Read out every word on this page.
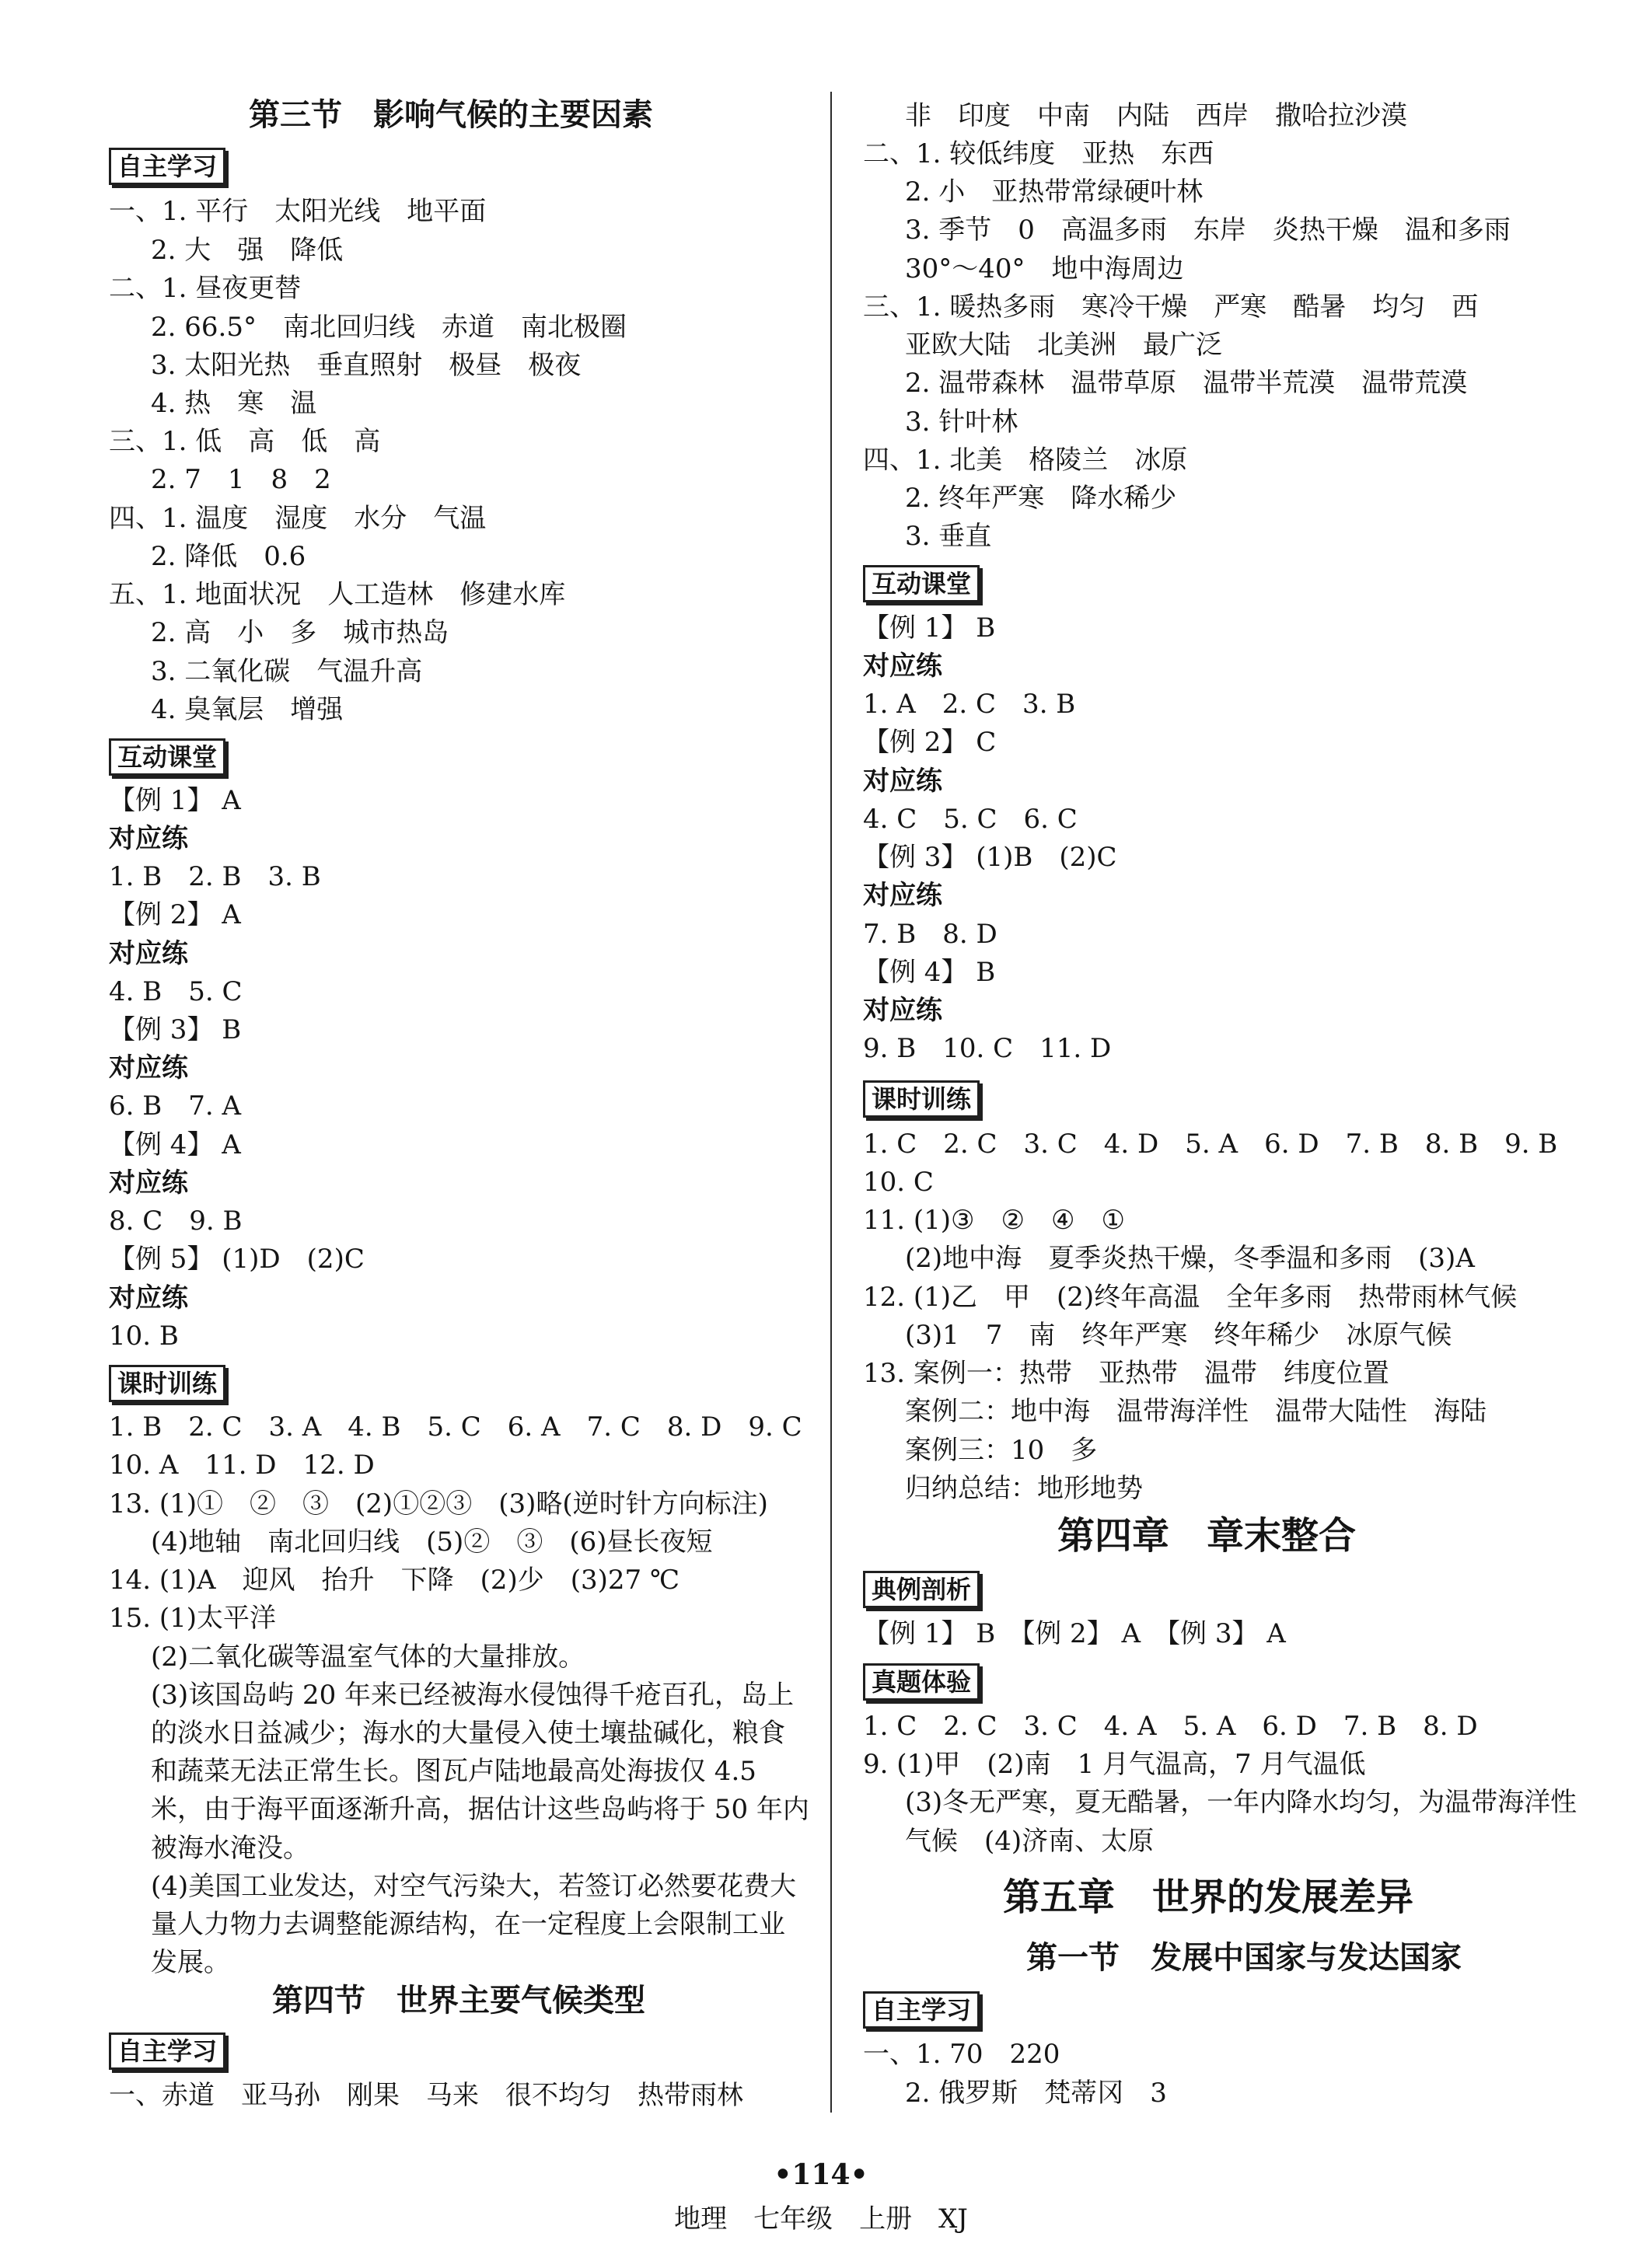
第三节　影响气候的主要因素
自主学习
一、1. 平行　太阳光线　地平面
2. 大　强　降低
二、1. 昼夜更替
2. 66.5°　南北回归线　赤道　南北极圈
3. 太阳光热　垂直照射　极昼　极夜
4. 热　寒　温
三、1. 低　高　低　高
2. 7　1　8　2
四、1. 温度　湿度　水分　气温
2. 降低　0.6
五、1. 地面状况　人工造林　修建水库
2. 高　小　多　城市热岛
3. 二氧化碳　气温升高
4. 臭氧层　增强
互动课堂
【例 1】 A
对应练
1. B　2. B　3. B
【例 2】 A
对应练
4. B　5. C
【例 3】 B
对应练
6. B　7. A
【例 4】 A
对应练
8. C　9. B
【例 5】 (1)D　(2)C
对应练
10. B
课时训练
1. B　2. C　3. A　4. B　5. C　6. A　7. C　8. D　9. C
10. A　11. D　12. D
13. (1)①　②　③　(2)①②③　(3)略(逆时针方向标注)
(4)地轴　南北回归线　(5)②　③　(6)昼长夜短
14. (1)A　迎风　抬升　下降　(2)少　(3)27 ℃
15. (1)太平洋
(2)二氧化碳等温室气体的大量排放。
(3)该国岛屿 20 年来已经被海水侵蚀得千疮百孔，岛上
的淡水日益减少；海水的大量侵入使土壤盐碱化，粮食
和蔬菜无法正常生长。图瓦卢陆地最高处海拔仅 4.5
米，由于海平面逐渐升高，据估计这些岛屿将于 50 年内
被海水淹没。
(4)美国工业发达，对空气污染大，若签订必然要花费大
量人力物力去调整能源结构，在一定程度上会限制工业
发展。
第四节　世界主要气候类型
自主学习
一、赤道　亚马孙　刚果　马来　很不均匀　热带雨林
非　印度　中南　内陆　西岸　撒哈拉沙漠
二、1. 较低纬度　亚热　东西
2. 小　亚热带常绿硬叶林
3. 季节　0　高温多雨　东岸　炎热干燥　温和多雨
30°～40°　地中海周边
三、1. 暖热多雨　寒冷干燥　严寒　酷暑　均匀　西
亚欧大陆　北美洲　最广泛
2. 温带森林　温带草原　温带半荒漠　温带荒漠
3. 针叶林
四、1. 北美　格陵兰　冰原
2. 终年严寒　降水稀少
3. 垂直
互动课堂
【例 1】 B
对应练
1. A　2. C　3. B
【例 2】 C
对应练
4. C　5. C　6. C
【例 3】 (1)B　(2)C
对应练
7. B　8. D
【例 4】 B
对应练
9. B　10. C　11. D
课时训练
1. C　2. C　3. C　4. D　5. A　6. D　7. B　8. B　9. B
10. C
11. (1)③　②　④　①
(2)地中海　夏季炎热干燥，冬季温和多雨　(3)A
12. (1)乙　甲　(2)终年高温　全年多雨　热带雨林气候
(3)1　7　南　终年严寒　终年稀少　冰原气候
13. 案例一：热带　亚热带　温带　纬度位置
案例二：地中海　温带海洋性　温带大陆性　海陆
案例三：10　多
归纳总结：地形地势
第四章　章末整合
典例剖析
【例 1】 B　【例 2】 A　【例 3】 A
真题体验
1. C　2. C　3. C　4. A　5. A　6. D　7. B　8. D
9. (1)甲　(2)南　1 月气温高，7 月气温低
(3)冬无严寒，夏无酷暑，一年内降水均匀，为温带海洋性
气候　(4)济南、太原
第五章　世界的发展差异
第一节　发展中国家与发达国家
自主学习
一、1. 70　220
2. 俄罗斯　梵蒂冈　3
•114•
地理　七年级　上册　XJ
